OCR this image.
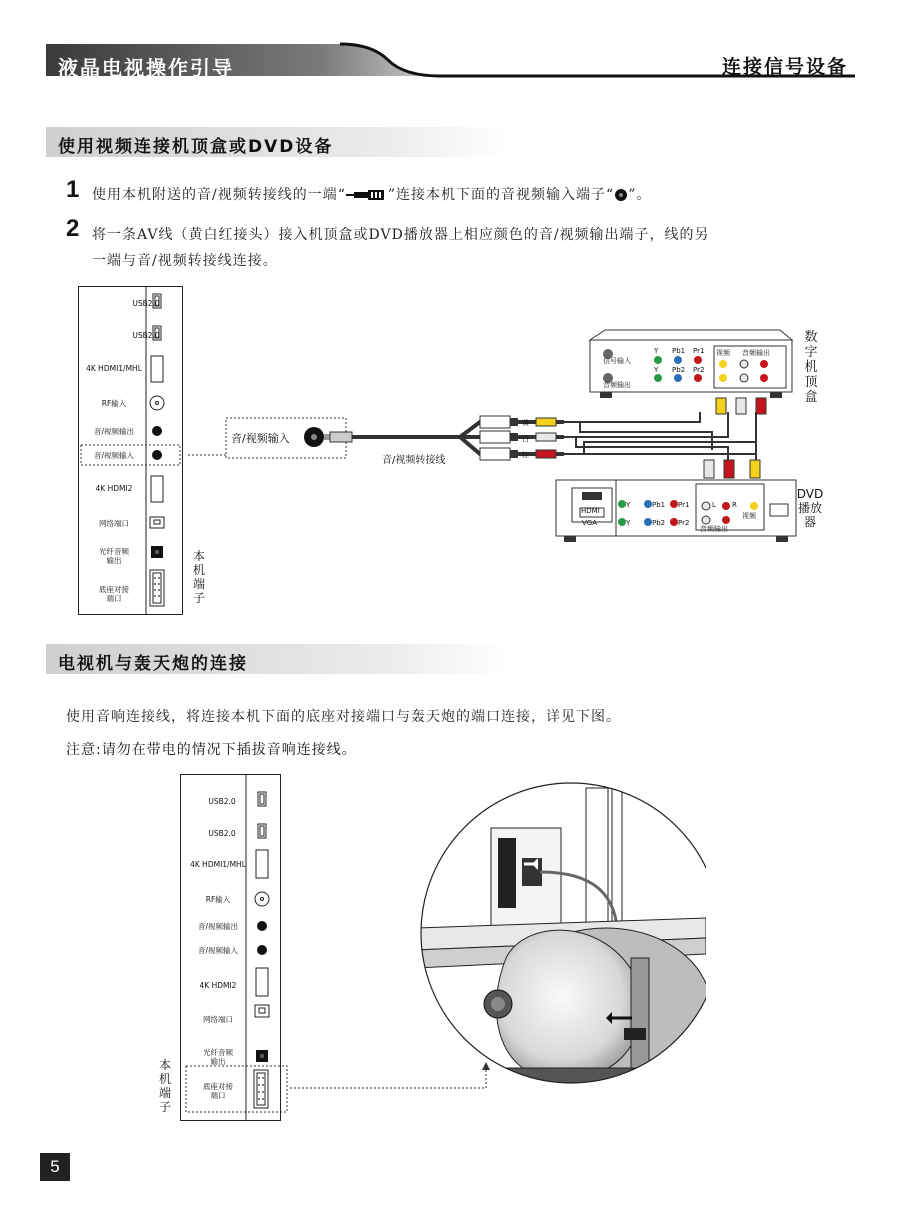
液晶电视操作引导	连接信号设备
使用视频连接机顶盒或DVD设备
1 使用本机附送的音/视频转接线的一端“	”连接本机下面的音视频输入端子“ ”。
2 将一条AV线（黄白红接头）接入机顶盒或DVD播放器上相应颜色的音/视频输出端子，线的另
一端与音/视频转接线连接。
USB2.0
USB2.0
4K HDMI1/MHL
RF输入
音/视频输出
音/视频输入
4K HDMI2
网络端口
光纤音频
输出
底座对接
端口
本机端子
音/视频输入
音/视频转接线
黄
白
红
信号输入
音频输出
Y Pb1 Pr1
Y Pb2 Pr2
视频 音频输出
数字机顶盒
HDMI
VGA
Y	Pb1 Pr1
Y	Pb2 Pr2
L R
视频
音频输出
DVD播放器
电视机与轰天炮的连接
使用音响连接线，将连接本机下面的底座对接端口与轰天炮的端口连接，详见下图。
注意:请勿在带电的情况下插拔音响连接线。
USB2.0
USB2.0
4K HDMI1/MHL
RF输入
音/视频输出
音/视频输入
4K HDMI2
网络端口
光纤音频
输出
底座对接
端口
本机端子
5
